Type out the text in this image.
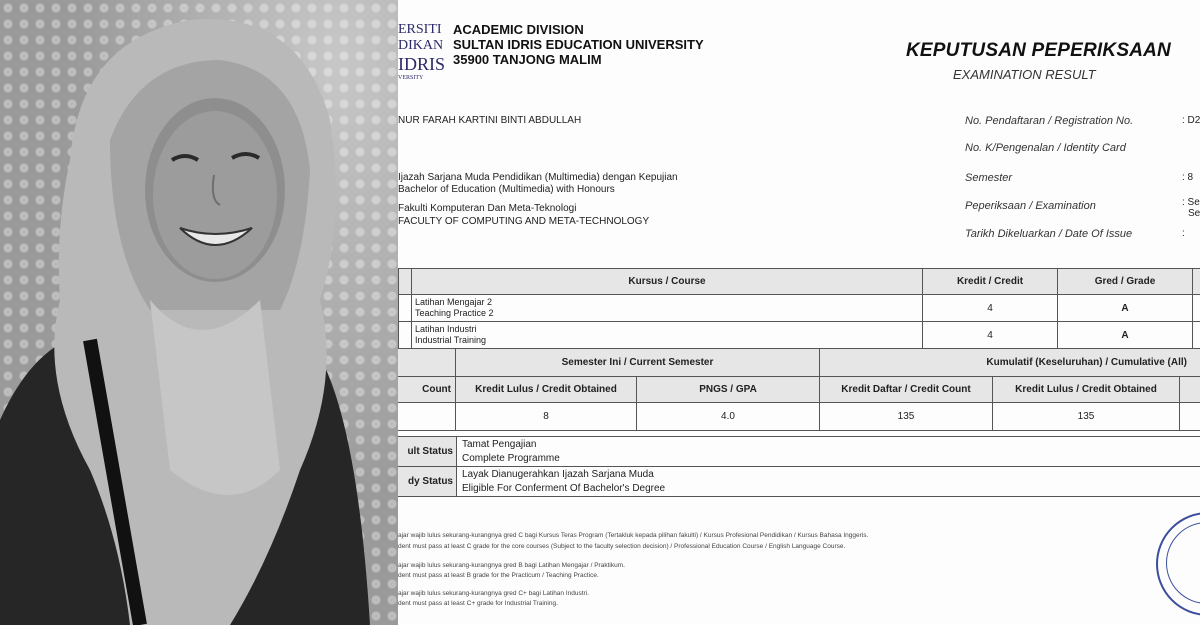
ERSITI
DIKAN
IDRIS
VERSITY
ACADEMIC DIVISION
SULTAN IDRIS EDUCATION UNIVERSITY
35900 TANJONG MALIM	KEPUTUSAN PEPERIKSAAN
EXAMINATION RESULT
NUR FARAH KARTINI BINTI ABDULLAH
Ijazah Sarjana Muda Pendidikan (Multimedia) dengan Kepujian
Bachelor of Education (Multimedia) with Honours
Fakulti Komputeran Dan Meta-Teknologi
FACULTY OF COMPUTING AND META-TECHNOLOGY
No. Pendaftaran / Registration No.	: D2
No. K/Pengenalan / Identity Card
Semester	: 8
Peperiksaan / Examination	: Se
Se
Tarikh Dikeluarkan / Date Of Issue	:
	Kursus / Course	Kredit / Credit	Gred / Grade	

	Latihan Mengajar 2
Teaching Practice 2	4	A	

	Latihan Industri
Industrial Training	4	A	
	Semester Ini / Current Semester		Kumulatif (Keseluruhan) / Cumulative (All)		
Count	Kredit Lulus / Credit Obtained	PNGS / GPA	Kredit Daftar / Credit Count	Kredit Lulus / Credit Obtained	
	8	4.0	135	135	
ult Status	Tamat Pengajian
Complete Programme

dy Status	Layak Dianugerahkan Ijazah Sarjana Muda
Eligible For Conferment Of Bachelor's Degree
ajar wajib lulus sekurang-kurangnya gred C bagi Kursus Teras Program (Tertakluk kepada pilihan fakulti) / Kursus Profesional Pendidikan / Kursus Bahasa Inggeris.
dent must pass at least C grade for the core courses (Subject to the faculty selection decision) / Professional Education Course / English Language Course.
ajar wajib lulus sekurang-kurangnya gred B bagi Latihan Mengajar / Praktikum.
dent must pass at least B grade for the Practicum / Teaching Practice.
ajar wajib lulus sekurang-kurangnya gred C+ bagi Latihan Industri.
dent must pass at least C+ grade for Industrial Training.
